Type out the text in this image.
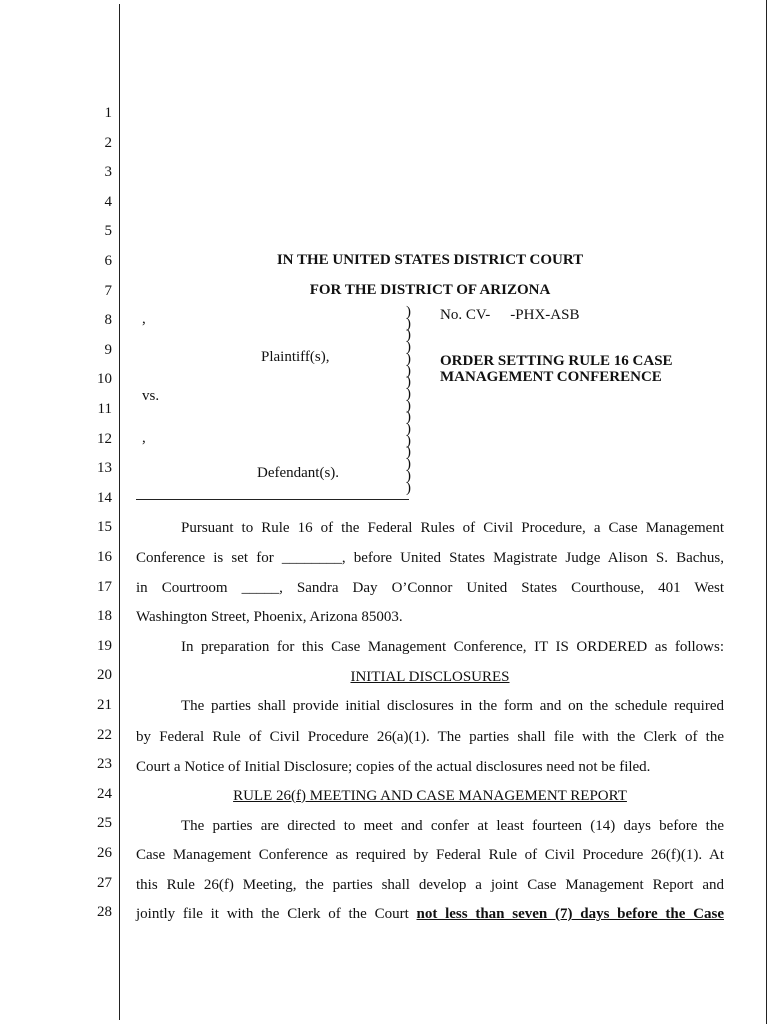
1
2
3
4
5
6
7
8
9
10
11
12
13
14
15
16
17
18
19
20
21
22
23
24
25
26
27
28
IN THE UNITED STATES DISTRICT COURT
FOR THE DISTRICT OF ARIZONA
,
Plaintiff(s),
vs.
,
Defendant(s).
)
)
)
)
)
)
)
)
)
)
)
)
)
)
)
)
No. CV- -PHX-ASB
ORDER SETTING RULE 16 CASE
MANAGEMENT CONFERENCE
Pursuant to Rule 16 of the Federal Rules of Civil Procedure, a Case Management
Conference is set for ________, before United States Magistrate Judge Alison S. Bachus,
in Courtroom _____, Sandra Day O’Connor United States Courthouse, 401 West
Washington Street, Phoenix, Arizona 85003.
In preparation for this Case Management Conference, IT IS ORDERED as follows:
INITIAL DISCLOSURES
The parties shall provide initial disclosures in the form and on the schedule required
by Federal Rule of Civil Procedure 26(a)(1). The parties shall file with the Clerk of the
Court a Notice of Initial Disclosure; copies of the actual disclosures need not be filed.
RULE 26(f) MEETING AND CASE MANAGEMENT REPORT
The parties are directed to meet and confer at least fourteen (14) days before the
Case Management Conference as required by Federal Rule of Civil Procedure 26(f)(1). At
this Rule 26(f) Meeting, the parties shall develop a joint Case Management Report and
jointly file it with the Clerk of the Court not less than seven (7) days before the Case
